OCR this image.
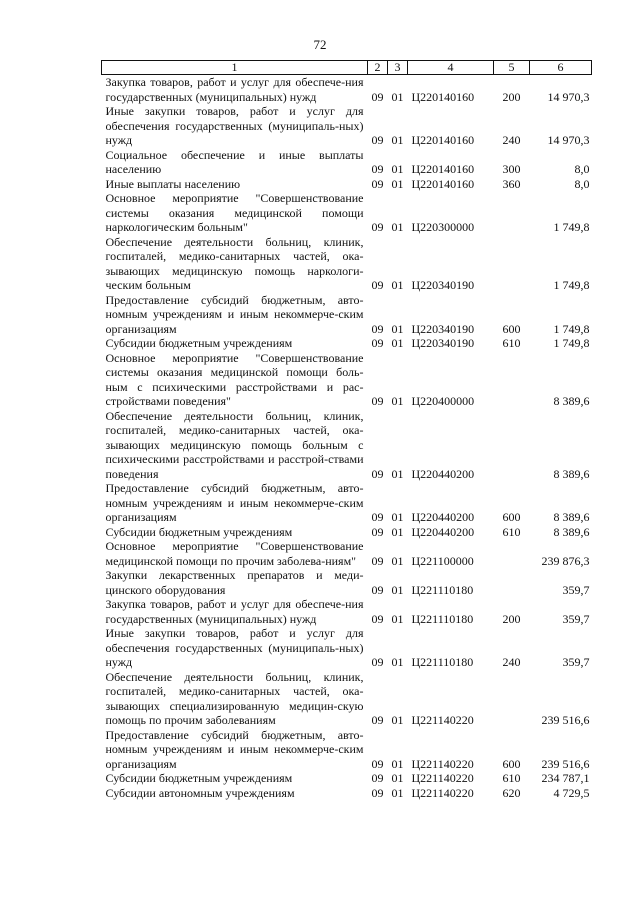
72
1	2	3	4	5	6
Закупка товаров, работ и услуг для обеспече-ния государственных (муниципальных) нужд	09	01	Ц220140160	200	14 970,3
Иные закупки товаров, работ и услуг для обеспечения государственных (муниципаль-ных) нужд	09	01	Ц220140160	240	14 970,3
Социальное обеспечение и иные выплаты населению	09	01	Ц220140160	300	8,0
Иные выплаты населению	09	01	Ц220140160	360	8,0
Основное мероприятие "Совершенствование системы оказания медицинской помощи наркологическим больным"	09	01	Ц220300000		1 749,8
Обеспечение деятельности больниц, клиник, госпиталей, медико-санитарных частей, ока-зывающих медицинскую помощь наркологи-ческим больным	09	01	Ц220340190		1 749,8
Предоставление субсидий бюджетным, авто-номным учреждениям и иным некоммерче-ским организациям	09	01	Ц220340190	600	1 749,8
Субсидии бюджетным учреждениям	09	01	Ц220340190	610	1 749,8
Основное мероприятие "Совершенствование системы оказания медицинской помощи боль-ным с психическими расстройствами и рас-стройствами поведения"	09	01	Ц220400000		8 389,6
Обеспечение деятельности больниц, клиник, госпиталей, медико-санитарных частей, ока-зывающих медицинскую помощь больным с психическими расстройствами и расстрой-ствами поведения	09	01	Ц220440200		8 389,6
Предоставление субсидий бюджетным, авто-номным учреждениям и иным некоммерче-ским организациям	09	01	Ц220440200	600	8 389,6
Субсидии бюджетным учреждениям	09	01	Ц220440200	610	8 389,6
Основное мероприятие "Совершенствование медицинской помощи по прочим заболева-ниям"	09	01	Ц221100000		239 876,3
Закупки лекарственных препаратов и меди-цинского оборудования	09	01	Ц221110180		359,7
Закупка товаров, работ и услуг для обеспече-ния государственных (муниципальных) нужд	09	01	Ц221110180	200	359,7
Иные закупки товаров, работ и услуг для обеспечения государственных (муниципаль-ных) нужд	09	01	Ц221110180	240	359,7
Обеспечение деятельности больниц, клиник, госпиталей, медико-санитарных частей, ока-зывающих специализированную медицин-скую помощь по прочим заболеваниям	09	01	Ц221140220		239 516,6
Предоставление субсидий бюджетным, авто-номным учреждениям и иным некоммерче-ским организациям	09	01	Ц221140220	600	239 516,6
Субсидии бюджетным учреждениям	09	01	Ц221140220	610	234 787,1
Субсидии автономным учреждениям	09	01	Ц221140220	620	4 729,5
